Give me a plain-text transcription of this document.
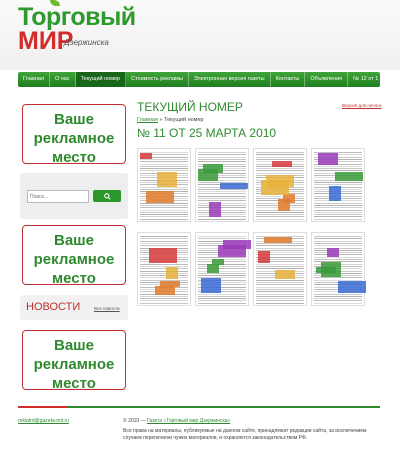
Торговый
МИР
Дзержинска
Главная	О нас	Текущий номер	Стоимость рекламы	Электронная версия газеты	Контакты	Объявления	№ 12 от 1 апреля 2010
Ваше
рекламное
место
Поиск...
Ваше
рекламное
место
НОВОСТИ	Все новости
Ваше
рекламное
место
ТЕКУЩИЙ НОМЕР	Версия для печати
Главная » Текущий номер
№ 11 ОТ 25 МАРТА 2010
reklatrd@gazeta-mir.ru	© 2010 — Газета «Торговый мир Дзержинска»
Все права на материалы, публикуемые на данном сайте, принадлежат редакции сайта, за исключением случаев перепечатки чужих материалов, и охраняются законодательством РФ.
